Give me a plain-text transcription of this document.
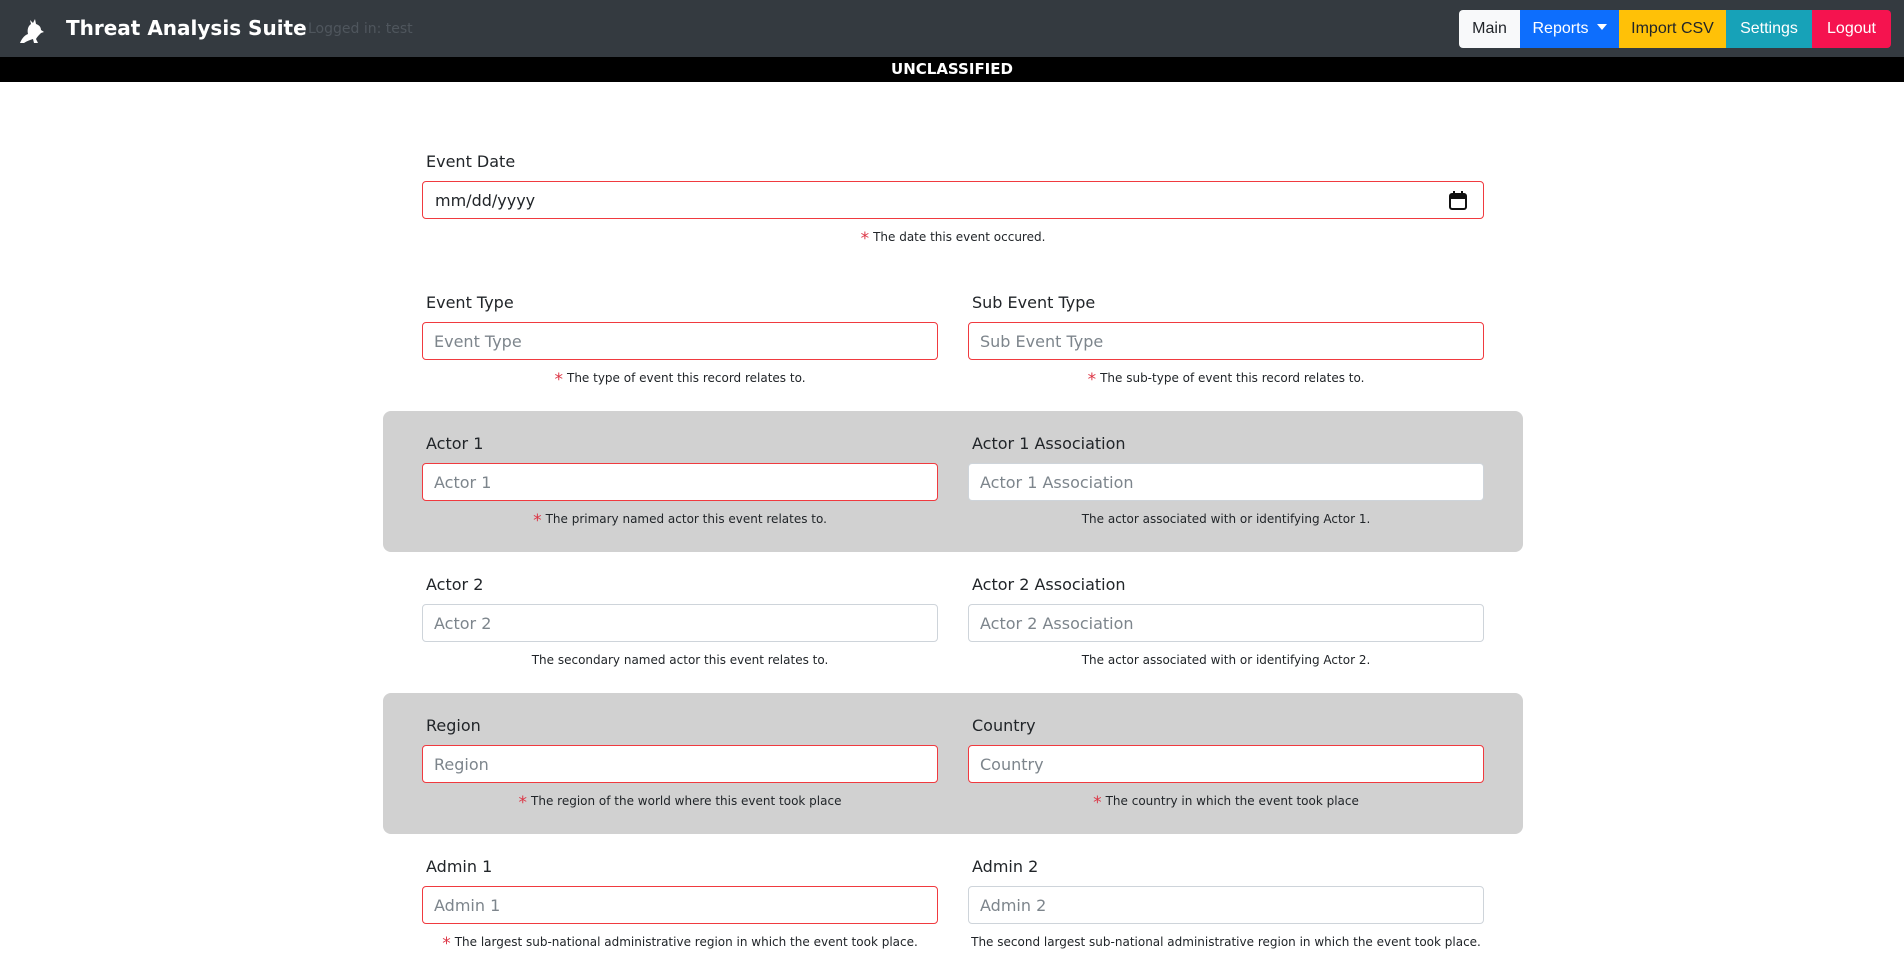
Threat Analysis Suite Logged in: test	Main	Reports	Import CSV	Settings	Logout
UNCLASSIFIED
Event Date
mm/dd/yyyy
* The date this event occured.
Event Type
Event Type
* The type of event this record relates to.
Sub Event Type
Sub Event Type
* The sub-type of event this record relates to.
Actor 1
Actor 1
* The primary named actor this event relates to.
Actor 1 Association
Actor 1 Association
The actor associated with or identifying Actor 1.
Actor 2
Actor 2
The secondary named actor this event relates to.
Actor 2 Association
Actor 2 Association
The actor associated with or identifying Actor 2.
Region
Region
* The region of the world where this event took place
Country
Country
* The country in which the event took place
Admin 1
Admin 1
* The largest sub-national administrative region in which the event took place.
Admin 2
Admin 2
The second largest sub-national administrative region in which the event took place.
